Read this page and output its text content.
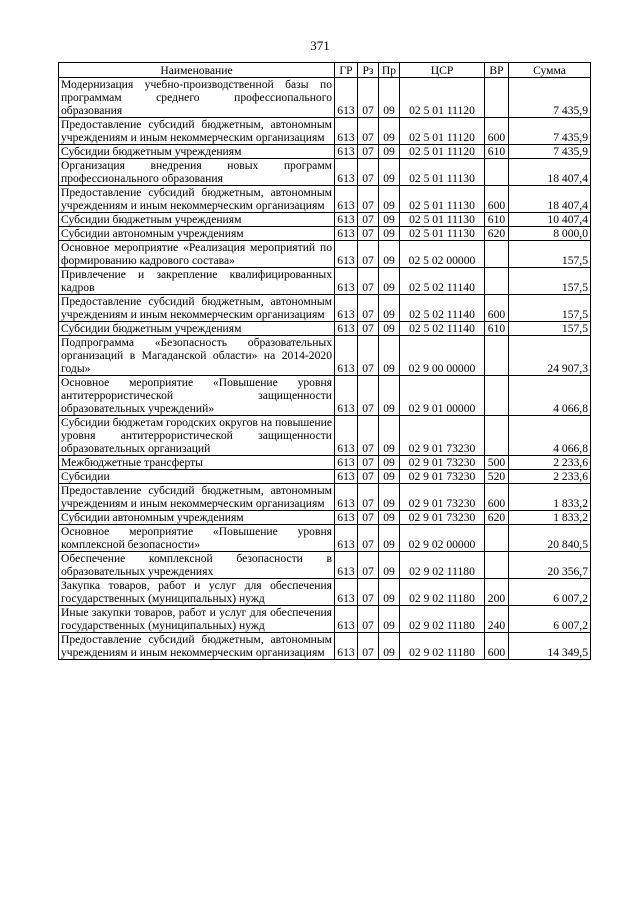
371
Наименование	ГР	Рз	Пр	ЦСР	ВР	Сумма
Модернизация учебно-производственной базы по программам среднего профессиопального образования	613	07	09	02 5 01 11120		7 435,9
Предоставление субсидий бюджетным, автономным учреждениям и иным некоммерческим организациям	613	07	09	02 5 01 11120	600	7 435,9
Субсидии бюджетным учреждениям	613	07	09	02 5 01 11120	610	7 435,9
Организация внедрения новых программ профессионального образования	613	07	09	02 5 01 11130		18 407,4
Предоставление субсидий бюджетным, автономным учреждениям и иным некоммерческим организациям	613	07	09	02 5 01 11130	600	18 407,4
Субсидии бюджетным учреждениям	613	07	09	02 5 01 11130	610	10 407,4
Субсидии автономным учреждениям	613	07	09	02 5 01 11130	620	8 000,0
Основное мероприятие «Реализация мероприятий по формированию кадрового состава»	613	07	09	02 5 02 00000		157,5
Привлечение и закрепление квалифицированных кадров	613	07	09	02 5 02 11140		157,5
Предоставление субсидий бюджетным, автономным учреждениям и иным некоммерческим организациям	613	07	09	02 5 02 11140	600	157,5
Субсидии бюджетным учреждениям	613	07	09	02 5 02 11140	610	157,5
Подпрограмма «Безопасность образовательных организаций в Магаданской области» на 2014-2020 годы»	613	07	09	02 9 00 00000		24 907,3
Основное мероприятие «Повышение уровня антитеррористической защищенности образовательных учреждений»	613	07	09	02 9 01 00000		4 066,8
Субсидии бюджетам городских округов на повышение уровня антитеррористической защищенности образовательных организаций	613	07	09	02 9 01 73230		4 066,8
Межбюджетные трансферты	613	07	09	02 9 01 73230	500	2 233,6
Субсидии	613	07	09	02 9 01 73230	520	2 233,6
Предоставление субсидий бюджетным, автономным учреждениям и иным некоммерческим организациям	613	07	09	02 9 01 73230	600	1 833,2
Субсидии автономным учреждениям	613	07	09	02 9 01 73230	620	1 833,2
Основное мероприятие «Повышение уровня комплексной безопасности»	613	07	09	02 9 02 00000		20 840,5
Обеспечение комплексной безопасности в образовательных учреждениях	613	07	09	02 9 02 11180		20 356,7
Закупка товаров, работ и услуг для обеспечения государственных (муниципальных) нужд	613	07	09	02 9 02 11180	200	6 007,2
Иные закупки товаров, работ и услуг для обеспечения государственных (муниципальных) нужд	613	07	09	02 9 02 11180	240	6 007,2
Предоставление субсидий бюджетным, автономным учреждениям и иным некоммерческим организациям	613	07	09	02 9 02 11180	600	14 349,5
